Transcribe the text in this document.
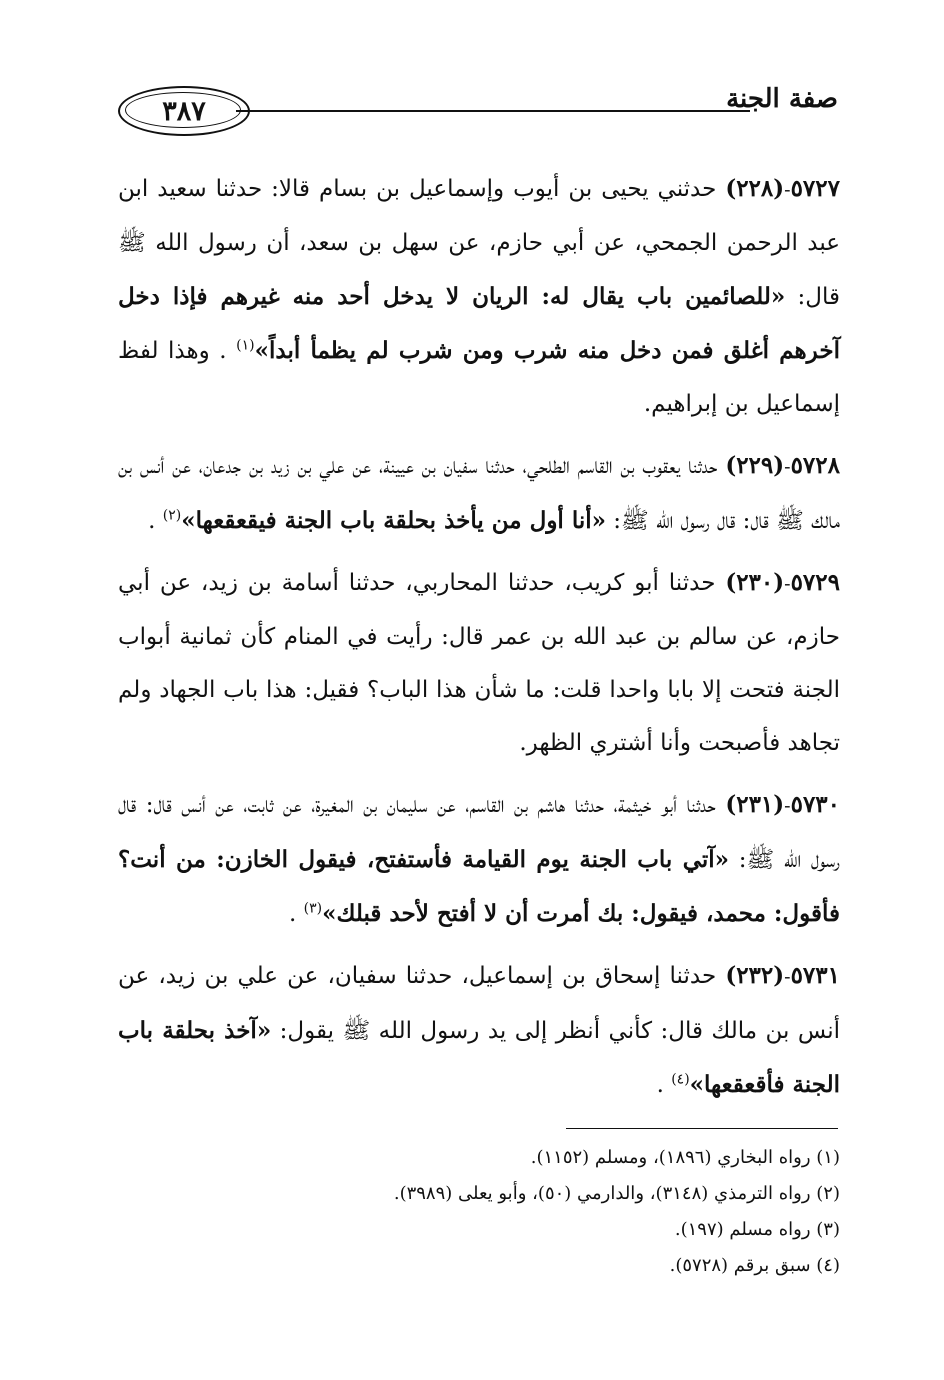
٣٨٧	صفة الجنة

٥٧٢٧-(٢٢٨) حدثني يحيى بن أيوب وإسماعيل بن بسام قالا: حدثنا سعيد ابن عبد الرحمن الجمحي، عن أبي حازم، عن سهل بن سعد، أن رسول الله ﷺ قال: «للصائمين باب يقال له: الريان لا يدخل أحد منه غيرهم فإذا دخل آخرهم أغلق فمن دخل منه شرب ومن شرب لم يظمأ أبداً»$^{(١)}$ . وهذا لفظ إسماعيل بن إبراهيم.

٥٧٢٨-(٢٢٩) حدثنا يعقوب بن القاسم الطلحي، حدثنا سفيان بن عيينة، عن علي بن زيد بن جدعان، عن أنس بن مالك ﷺ قال: قال رسول الله ﷺ: «أنا أول من يأخذ بحلقة باب الجنة فيقعقعها»$^{(٢)}$ .

٥٧٢٩-(٢٣٠) حدثنا أبو كريب، حدثنا المحاربي، حدثنا أسامة بن زيد، عن أبي حازم، عن سالم بن عبد الله بن عمر قال: رأيت في المنام كأن ثمانية أبواب الجنة فتحت إلا بابا واحدا قلت: ما شأن هذا الباب؟ فقيل: هذا باب الجهاد ولم تجاهد فأصبحت وأنا أشتري الظهر.

٥٧٣٠-(٢٣١) حدثنا أبو خيثمة، حدثنا هاشم بن القاسم، عن سليمان بن المغيرة، عن ثابت، عن أنس قال: قال رسول الله ﷺ: «آتي باب الجنة يوم القيامة فأستفتح، فيقول الخازن: من أنت؟ فأقول: محمد، فيقول: بك أمرت أن لا أفتح لأحد قبلك»$^{(٣)}$ .

٥٧٣١-(٢٣٢) حدثنا إسحاق بن إسماعيل، حدثنا سفيان، عن علي بن زيد، عن أنس بن مالك قال: كأني أنظر إلى يد رسول الله ﷺ يقول: «آخذ بحلقة باب الجنة فأقعقعها»$^{(٤)}$ .

(١) رواه البخاري (١٨٩٦)، ومسلم (١١٥٢).
(٢) رواه الترمذي (٣١٤٨)، والدارمي (٥٠)، وأبو يعلى (٣٩٨٩).
(٣) رواه مسلم (١٩٧).
(٤) سبق برقم (٥٧٢٨).
